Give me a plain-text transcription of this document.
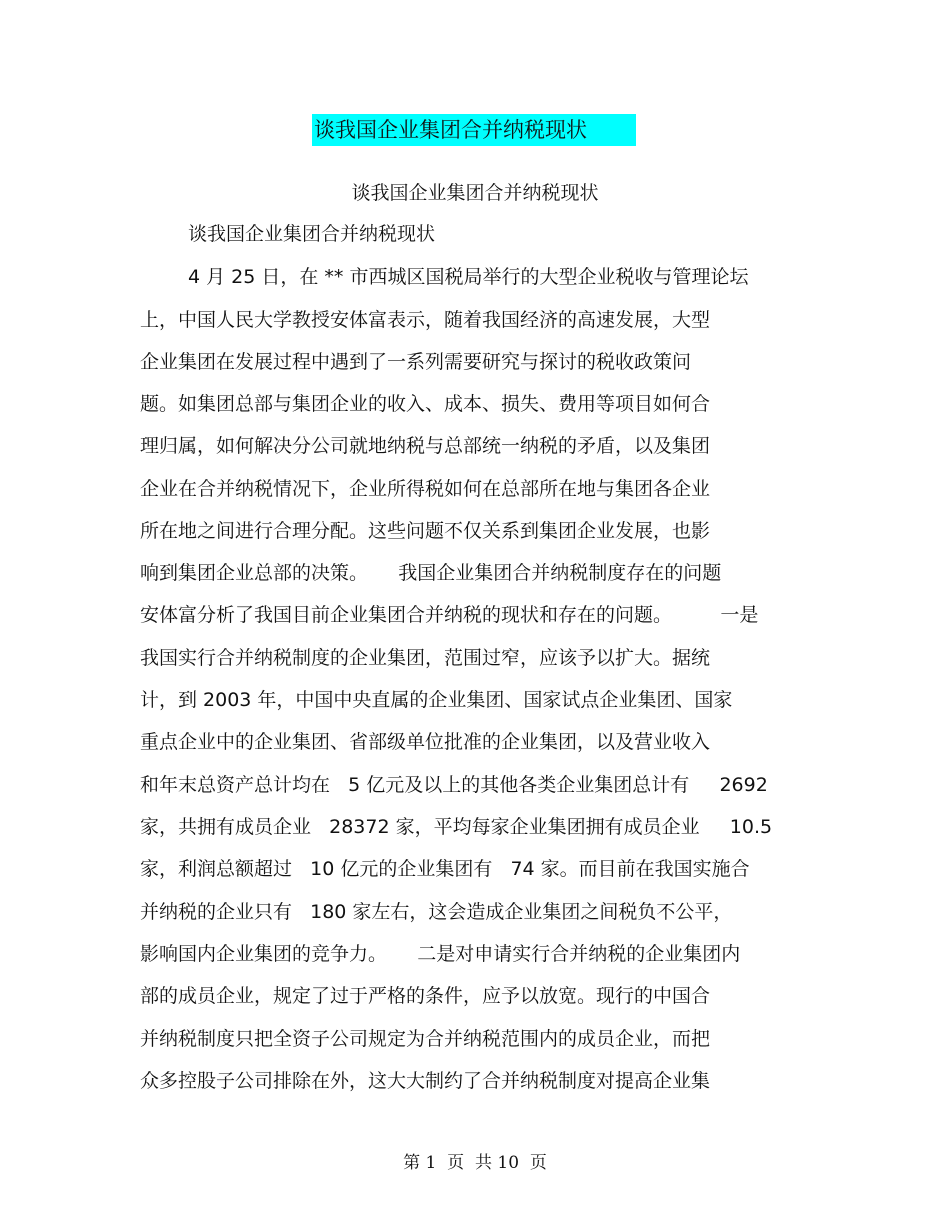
谈我国企业集团合并纳税现状
谈我国企业集团合并纳税现状
谈我国企业集团合并纳税现状
4 月 25 日，在 ** 市西城区国税局举行的大型企业税收与管理论坛
上，中国人民大学教授安体富表示，随着我国经济的高速发展，大型
企业集团在发展过程中遇到了一系列需要研究与探讨的税收政策问
题。如集团总部与集团企业的收入、成本、损失、费用等项目如何合
理归属，如何解决分公司就地纳税与总部统一纳税的矛盾，以及集团
企业在合并纳税情况下，企业所得税如何在总部所在地与集团各企业
所在地之间进行合理分配。这些问题不仅关系到集团企业发展，也影
响到集团企业总部的决策。     我国企业集团合并纳税制度存在的问题
安体富分析了我国目前企业集团合并纳税的现状和存在的问题。        一是
我国实行合并纳税制度的企业集团，范围过窄，应该予以扩大。据统
计，到 2003 年，中国中央直属的企业集团、国家试点企业集团、国家
重点企业中的企业集团、省部级单位批准的企业集团，以及营业收入
和年末总资产总计均在   5 亿元及以上的其他各类企业集团总计有     2692
家，共拥有成员企业   28372 家，平均每家企业集团拥有成员企业     10.5
家，利润总额超过   10 亿元的企业集团有   74 家。而目前在我国实施合
并纳税的企业只有   180 家左右，这会造成企业集团之间税负不公平，
影响国内企业集团的竞争力。     二是对申请实行合并纳税的企业集团内
部的成员企业，规定了过于严格的条件，应予以放宽。现行的中国合
并纳税制度只把全资子公司规定为合并纳税范围内的成员企业，而把
众多控股子公司排除在外，这大大制约了合并纳税制度对提高企业集
第 1  页  共 10  页
